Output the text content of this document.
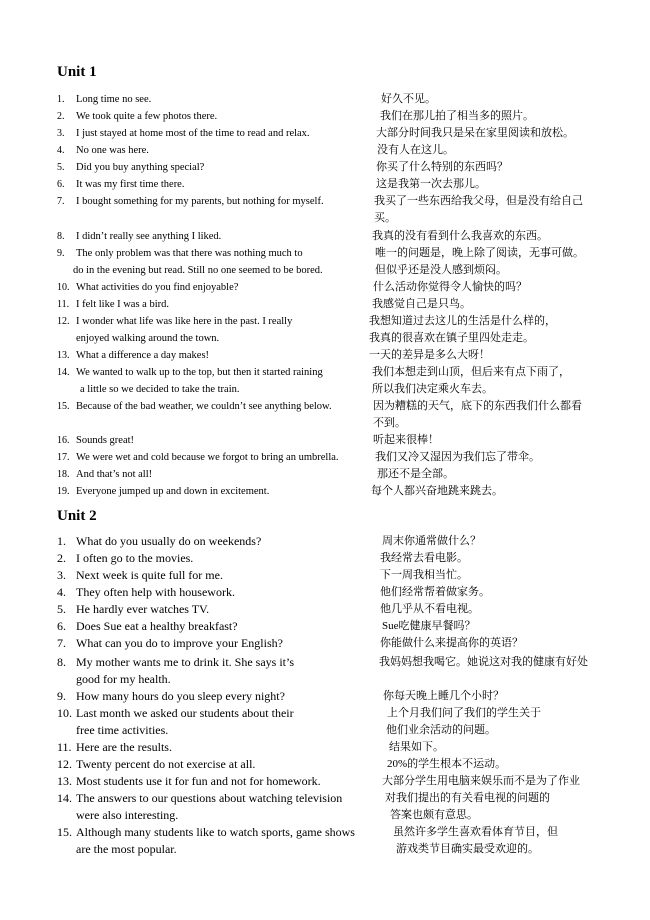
Unit 1
1. Long time no see.	好久不见。
2. We took quite a few photos there.	我们在那儿拍了相当多的照片。
3. I just stayed at home most of the time to read and relax.	大部分时间我只是呆在家里阅读和放松。
4. No one was here.	没有人在这儿。
5. Did you buy anything special?	你买了什么特别的东西吗？
6. It was my first time there.	这是我第一次去那儿。
7. I bought something for my parents, but nothing for myself.	我买了一些东西给我父母，但是没有给自己
买。
8. I didn’t really see anything I liked.	我真的没有看到什么我喜欢的东西。
9. The only problem was that there was nothing much to	唯一的问题是，晚上除了阅读，无事可做。
do in the evening but read. Still no one seemed to be bored.	但似乎还是没人感到烦闷。
10. What activities do you find enjoyable?	什么活动你觉得令人愉快的吗？
11. I felt like I was a bird.	我感觉自己是只鸟。
12. I wonder what life was like here in the past. I really	我想知道过去这儿的生活是什么样的，
enjoyed walking around the town.	我真的很喜欢在镇子里四处走走。
13. What a difference a day makes!	一天的差异是多么大呀！
14. We wanted to walk up to the top, but then it started raining	我们本想走到山顶，但后来有点下雨了，
a little so we decided to take the train.	所以我们决定乘火车去。
15. Because of the bad weather, we couldn’t see anything below.	因为糟糕的天气，底下的东西我们什么都看
不到。
16. Sounds great!	听起来很棒！
17. We were wet and cold because we forgot to bring an umbrella.	我们又冷又湿因为我们忘了带伞。
18. And that’s not all!	那还不是全部。
19. Everyone jumped up and down in excitement.	每个人都兴奋地跳来跳去。
Unit 2
1. What do you usually do on weekends?	周末你通常做什么？
2. I often go to the movies.	我经常去看电影。
3. Next week is quite full for me.	下一周我相当忙。
4. They often help with housework.	他们经常帮着做家务。
5. He hardly ever watches TV.	他几乎从不看电视。
6. Does Sue eat a healthy breakfast?	Sue吃健康早餐吗？
7. What can you do to improve your English?	你能做什么来提高你的英语？
8. My mother wants me to drink it. She says it’s	我妈妈想我喝它。她说这对我的健康有好处
good for my health.
9. How many hours do you sleep every night?	你每天晚上睡几个小时？
10. Last month we asked our students about their	上个月我们问了我们的学生关于
free time activities.	他们业余活动的问题。
11. Here are the results.	结果如下。
12. Twenty percent do not exercise at all.	20%的学生根本不运动。
13. Most students use it for fun and not for homework.	大部分学生用电脑来娱乐而不是为了作业
14. The answers to our questions about watching television	对我们提出的有关看电视的问题的
were also interesting.	答案也颇有意思。
15. Although many students like to watch sports, game shows	虽然许多学生喜欢看体育节目，但
are the most popular.	游戏类节目确实最受欢迎的。
